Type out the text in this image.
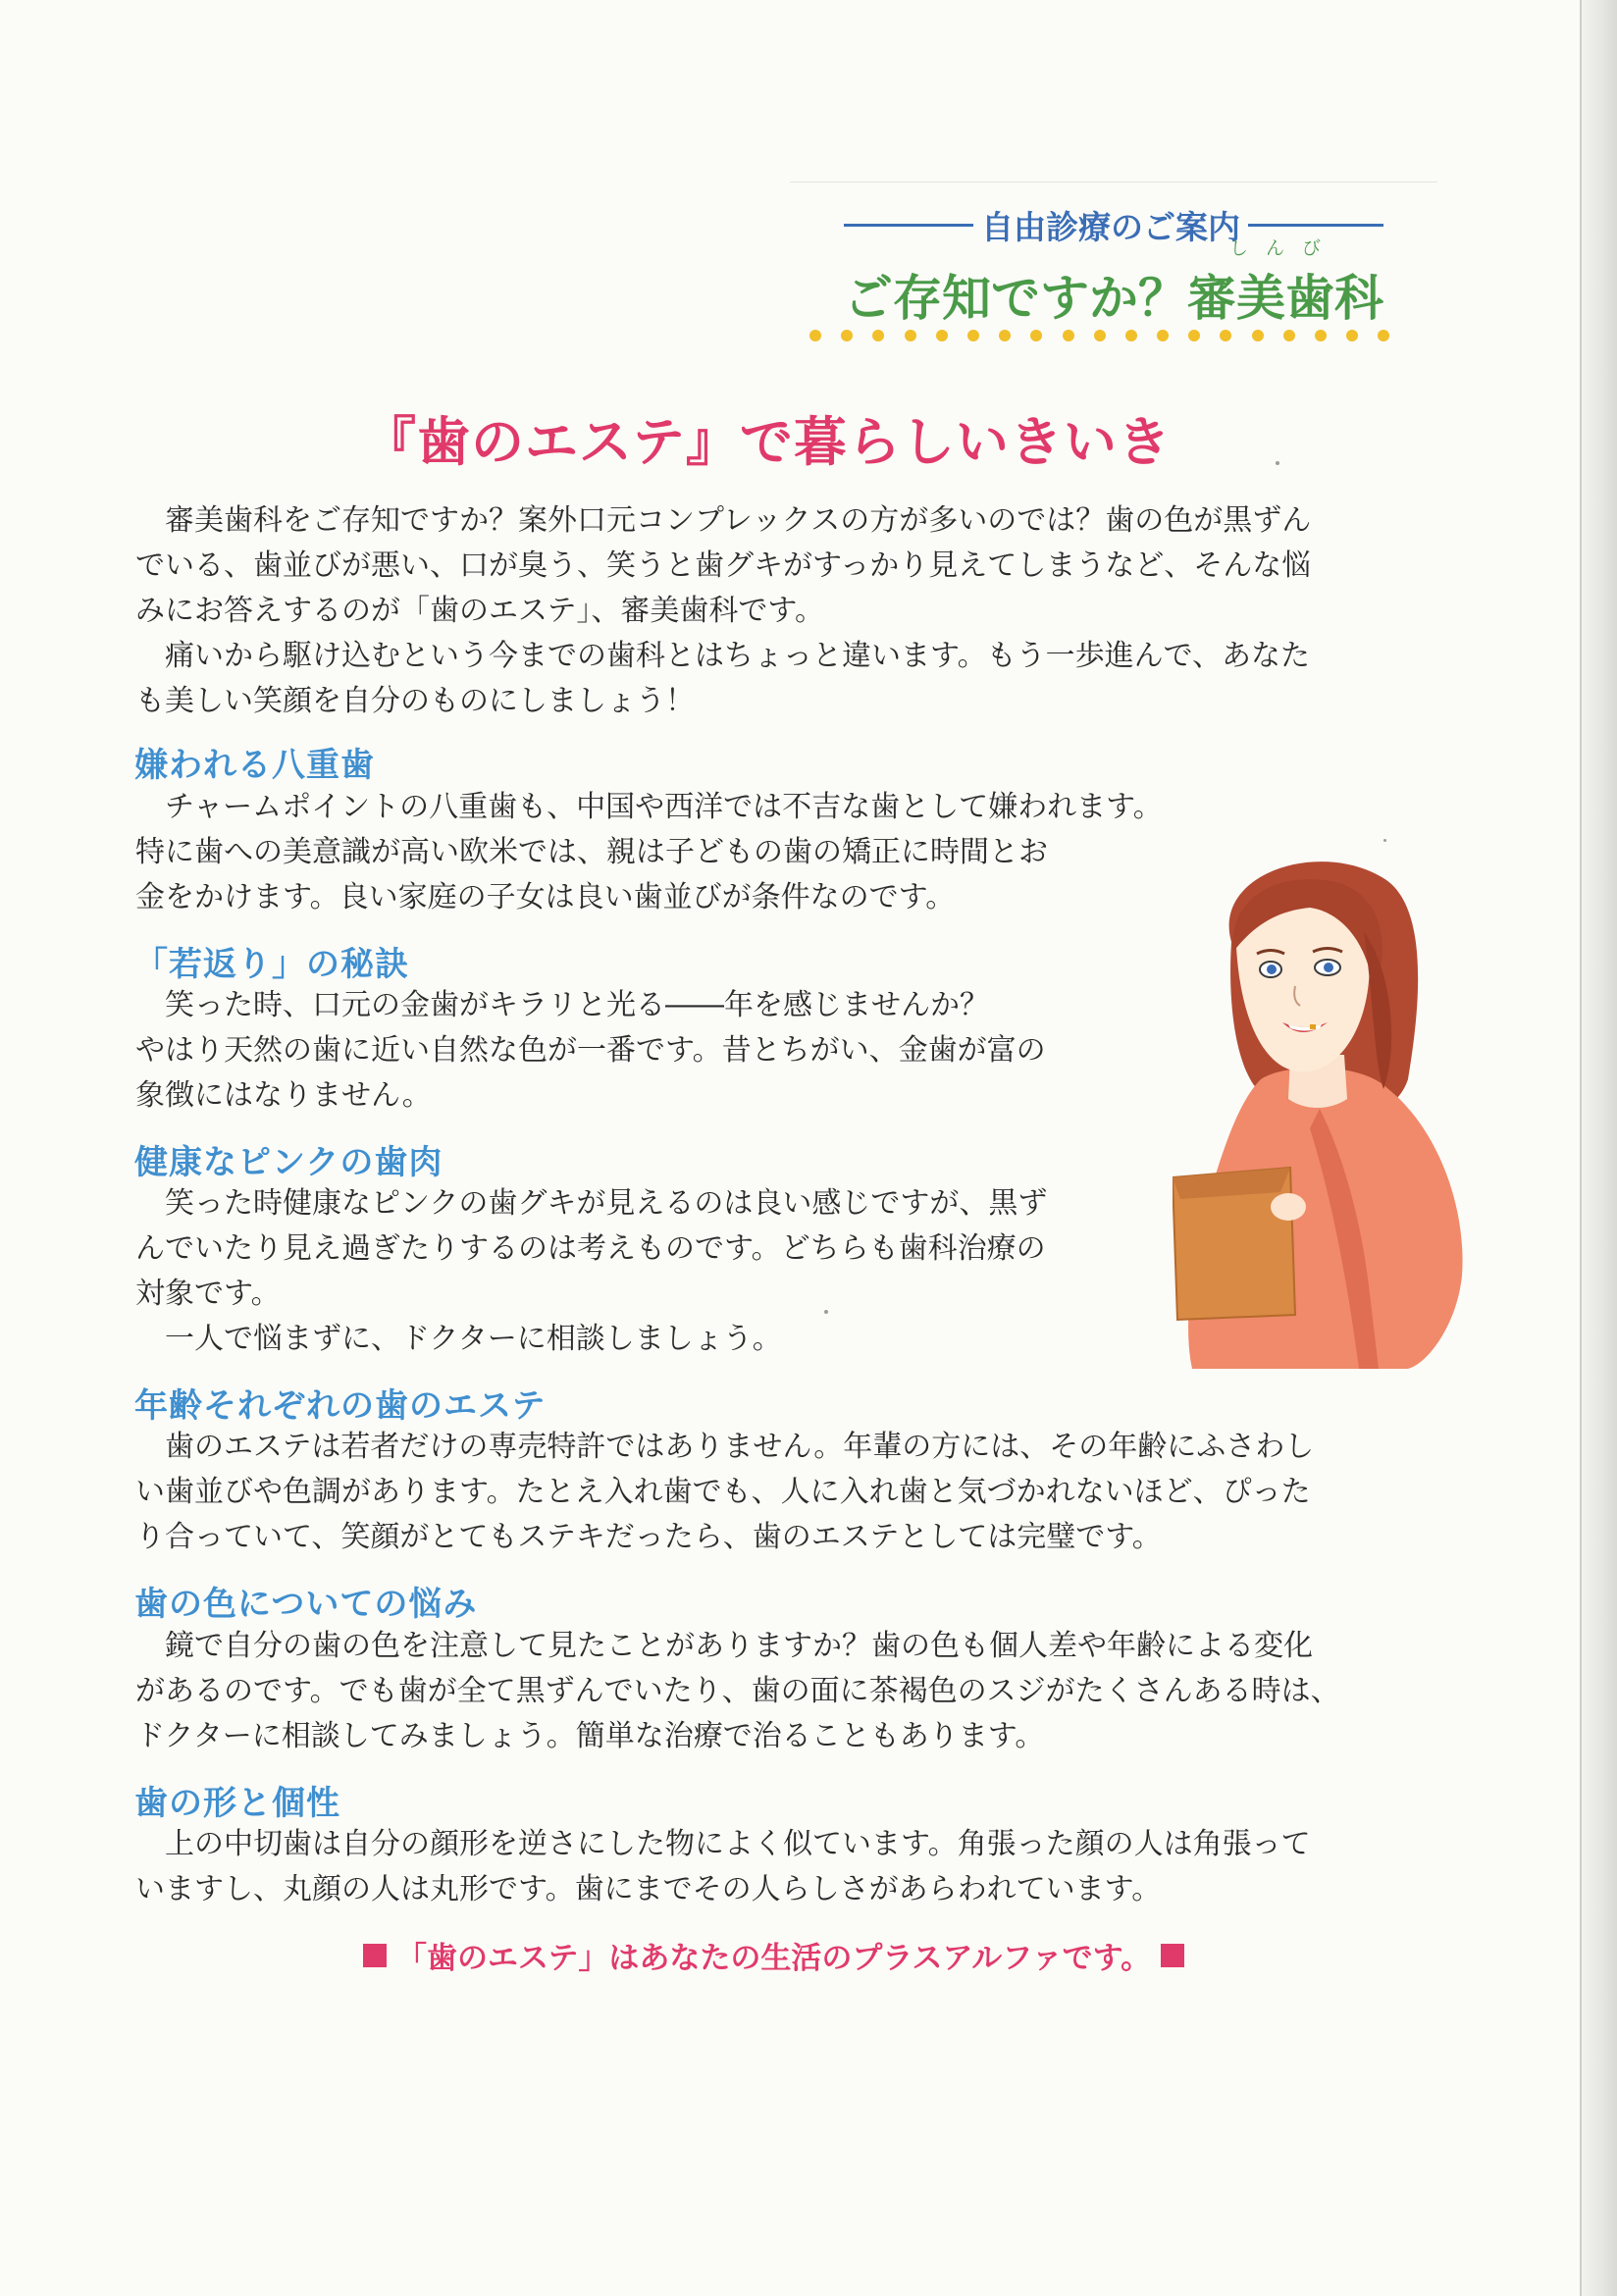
自由診療のご案内
しんび
ご存知ですか？審美歯科
『歯のエステ』で暮らしいきいき

　審美歯科をご存知ですか？案外口元コンプレックスの方が多いのでは？歯の色が黒ずん
でいる、歯並びが悪い、口が臭う、笑うと歯グキがすっかり見えてしまうなど、そんな悩
みにお答えするのが「歯のエステ」、審美歯科です。
　痛いから駆け込むという今までの歯科とはちょっと違います。もう一歩進んで、あなた
も美しい笑顔を自分のものにしましょう！

嫌われる八重歯

　チャームポイントの八重歯も、中国や西洋では不吉な歯として嫌われます。
特に歯への美意識が高い欧米では、親は子どもの歯の矯正に時間とお
金をかけます。良い家庭の子女は良い歯並びが条件なのです。

「若返り」の秘訣

　笑った時、口元の金歯がキラリと光る――年を感じませんか？
やはり天然の歯に近い自然な色が一番です。昔とちがい、金歯が富の
象徴にはなりません。

健康なピンクの歯肉

　笑った時健康なピンクの歯グキが見えるのは良い感じですが、黒ず
んでいたり見え過ぎたりするのは考えものです。どちらも歯科治療の
対象です。
　一人で悩まずに、ドクターに相談しましょう。

年齢それぞれの歯のエステ

　歯のエステは若者だけの専売特許ではありません。年輩の方には、その年齢にふさわし
い歯並びや色調があります。たとえ入れ歯でも、人に入れ歯と気づかれないほど、ぴった
り合っていて、笑顔がとてもステキだったら、歯のエステとしては完璧です。

歯の色についての悩み

　鏡で自分の歯の色を注意して見たことがありますか？歯の色も個人差や年齢による変化
があるのです。でも歯が全て黒ずんでいたり、歯の面に茶褐色のスジがたくさんある時は、
ドクターに相談してみましょう。簡単な治療で治ることもあります。

歯の形と個性

　上の中切歯は自分の顔形を逆さにした物によく似ています。角張った顔の人は角張って
いますし、丸顔の人は丸形です。歯にまでその人らしさがあらわれています。

「歯のエステ」はあなたの生活のプラスアルファです。
